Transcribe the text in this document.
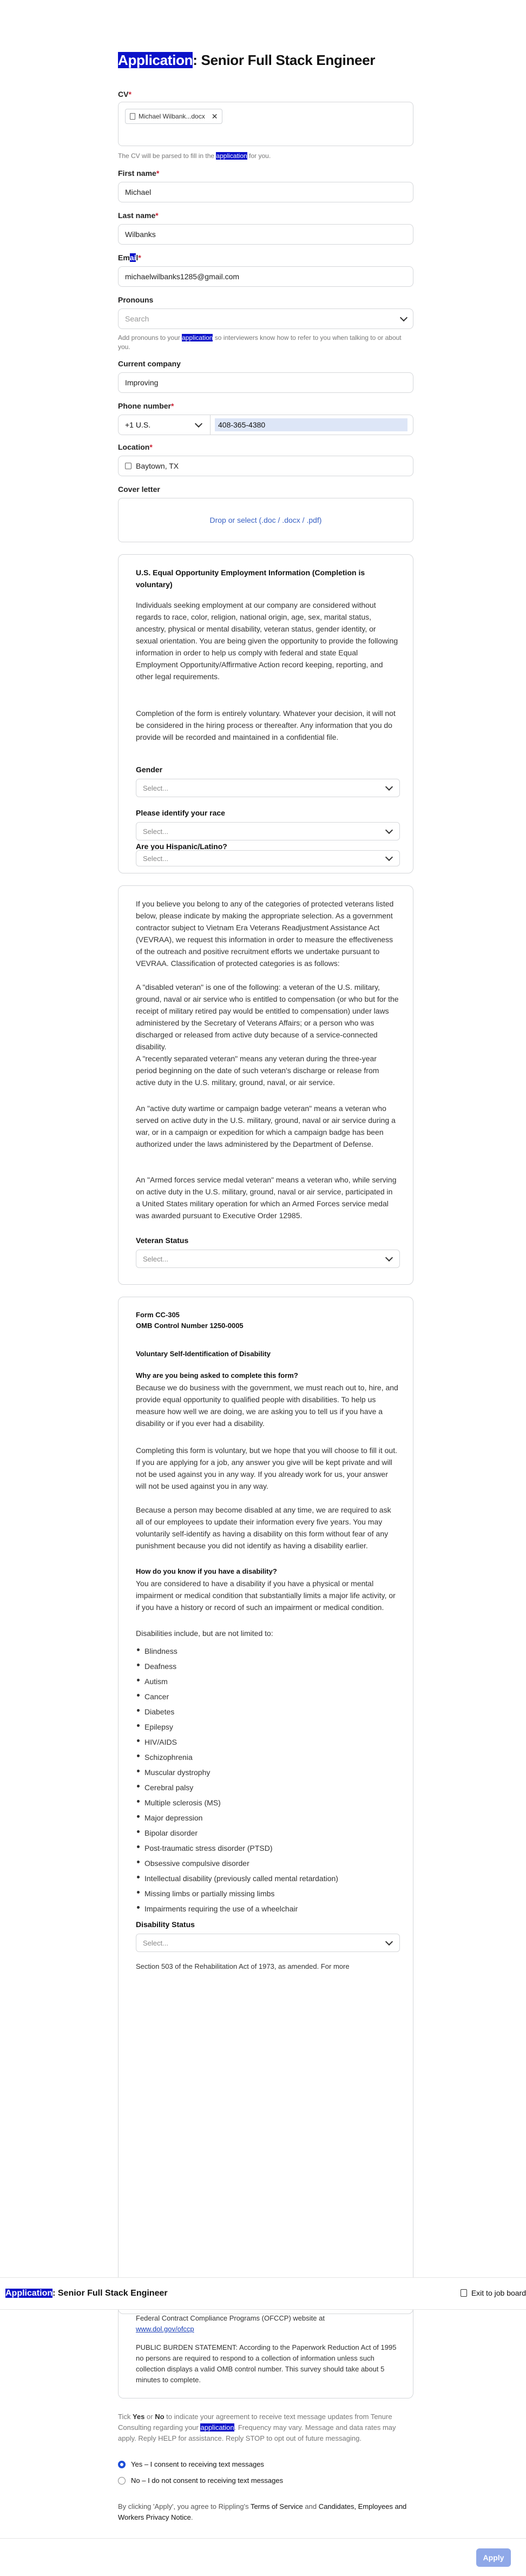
Application: Senior Full Stack Engineer
CV*
Michael Wilbank...docx ✕
The CV will be parsed to fill in the application for you.
First name*
Michael
Last name*
Wilbanks
Email*
michaelwilbanks1285@gmail.com
Pronouns
Search
Add pronouns to your application so interviewers know how to refer to you when talking to or about you.
Current company
Improving
Phone number*
+1 U.S.	408-365-4380
Location*
Baytown, TX
Cover letter
Drop or select (.doc / .docx / .pdf)
U.S. Equal Opportunity Employment Information (Completion is voluntary)

Individuals seeking employment at our company are considered without regards to race, color, religion, national origin, age, sex, marital status, ancestry, physical or mental disability, veteran status, gender identity, or sexual orientation. You are being given the opportunity to provide the following information in order to help us comply with federal and state Equal Employment Opportunity/Affirmative Action record keeping, reporting, and other legal requirements.

Completion of the form is entirely voluntary. Whatever your decision, it will not be considered in the hiring process or thereafter. Any information that you do provide will be recorded and maintained in a confidential file.

Gender
Select...
Please identify your race
Select...
Are you Hispanic/Latino?
Select...

If you believe you belong to any of the categories of protected veterans listed below, please indicate by making the appropriate selection. As a government contractor subject to Vietnam Era Veterans Readjustment Assistance Act (VEVRAA), we request this information in order to measure the effectiveness of the outreach and positive recruitment efforts we undertake pursuant to VEVRAA. Classification of protected categories is as follows:

A "disabled veteran" is one of the following: a veteran of the U.S. military, ground, naval or air service who is entitled to compensation (or who but for the receipt of military retired pay would be entitled to compensation) under laws administered by the Secretary of Veterans Affairs; or a person who was discharged or released from active duty because of a service-connected disability.

A "recently separated veteran" means any veteran during the three-year period beginning on the date of such veteran's discharge or release from active duty in the U.S. military, ground, naval, or air service.

An "active duty wartime or campaign badge veteran" means a veteran who served on active duty in the U.S. military, ground, naval or air service during a war, or in a campaign or expedition for which a campaign badge has been authorized under the laws administered by the Department of Defense.

An "Armed forces service medal veteran" means a veteran who, while serving on active duty in the U.S. military, ground, naval or air service, participated in a United States military operation for which an Armed Forces service medal was awarded pursuant to Executive Order 12985.

Veteran Status
Select...
Form CC-305
OMB Control Number 1250-0005
Voluntary Self-Identification of Disability
Why are you being asked to complete this form?

Because we do business with the government, we must reach out to, hire, and provide equal opportunity to qualified people with disabilities. To help us measure how well we are doing, we are asking you to tell us if you have a disability or if you ever had a disability.

Completing this form is voluntary, but we hope that you will choose to fill it out. If you are applying for a job, any answer you give will be kept private and will not be used against you in any way. If you already work for us, your answer will not be used against you in any way.

Because a person may become disabled at any time, we are required to ask all of our employees to update their information every five years. You may voluntarily self-identify as having a disability on this form without fear of any punishment because you did not identify as having a disability earlier.

How do you know if you have a disability?

You are considered to have a disability if you have a physical or mental impairment or medical condition that substantially limits a major life activity, or if you have a history or record of such an impairment or medical condition.

Disabilities include, but are not limited to:

Blindness
Deafness
Autism
Cancer
Diabetes
Epilepsy
HIV/AIDS
Schizophrenia
Muscular dystrophy
Cerebral palsy
Multiple sclerosis (MS)
Major depression
Bipolar disorder
Post-traumatic stress disorder (PTSD)
Obsessive compulsive disorder
Intellectual disability (previously called mental retardation)
Missing limbs or partially missing limbs
Impairments requiring the use of a wheelchair
Disability Status
Select...

Section 503 of the Rehabilitation Act of 1973, as amended. For more

Application: Senior Full Stack Engineer	Exit to job board
Federal Contract Compliance Programs (OFCCP) website at
www.dol.gov/ofccp
PUBLIC BURDEN STATEMENT: According to the Paperwork Reduction Act of 1995 no persons are required to respond to a collection of information unless such collection displays a valid OMB control number. This survey should take about 5 minutes to complete.
Tick Yes or No to indicate your agreement to receive text message updates from Tenure Consulting regarding your application. Frequency may vary. Message and data rates may apply. Reply HELP for assistance. Reply STOP to opt out of future messaging.
Yes – I consent to receiving text messages
No – I do not consent to receiving text messages
By clicking 'Apply', you agree to Rippling's Terms of Service and Candidates, Employees and Workers Privacy Notice.
Apply
